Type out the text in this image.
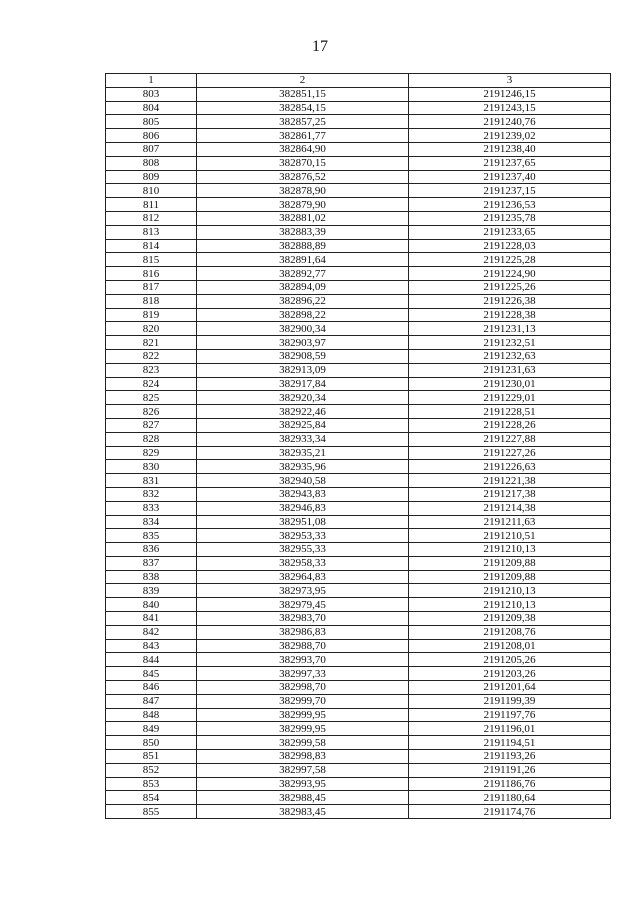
17
1	2	3
803	382851,15	2191246,15
804	382854,15	2191243,15
805	382857,25	2191240,76
806	382861,77	2191239,02
807	382864,90	2191238,40
808	382870,15	2191237,65
809	382876,52	2191237,40
810	382878,90	2191237,15
811	382879,90	2191236,53
812	382881,02	2191235,78
813	382883,39	2191233,65
814	382888,89	2191228,03
815	382891,64	2191225,28
816	382892,77	2191224,90
817	382894,09	2191225,26
818	382896,22	2191226,38
819	382898,22	2191228,38
820	382900,34	2191231,13
821	382903,97	2191232,51
822	382908,59	2191232,63
823	382913,09	2191231,63
824	382917,84	2191230,01
825	382920,34	2191229,01
826	382922,46	2191228,51
827	382925,84	2191228,26
828	382933,34	2191227,88
829	382935,21	2191227,26
830	382935,96	2191226,63
831	382940,58	2191221,38
832	382943,83	2191217,38
833	382946,83	2191214,38
834	382951,08	2191211,63
835	382953,33	2191210,51
836	382955,33	2191210,13
837	382958,33	2191209,88
838	382964,83	2191209,88
839	382973,95	2191210,13
840	382979,45	2191210,13
841	382983,70	2191209,38
842	382986,83	2191208,76
843	382988,70	2191208,01
844	382993,70	2191205,26
845	382997,33	2191203,26
846	382998,70	2191201,64
847	382999,70	2191199,39
848	382999,95	2191197,76
849	382999,95	2191196,01
850	382999,58	2191194,51
851	382998,83	2191193,26
852	382997,58	2191191,26
853	382993,95	2191186,76
854	382988,45	2191180,64
855	382983,45	2191174,76
